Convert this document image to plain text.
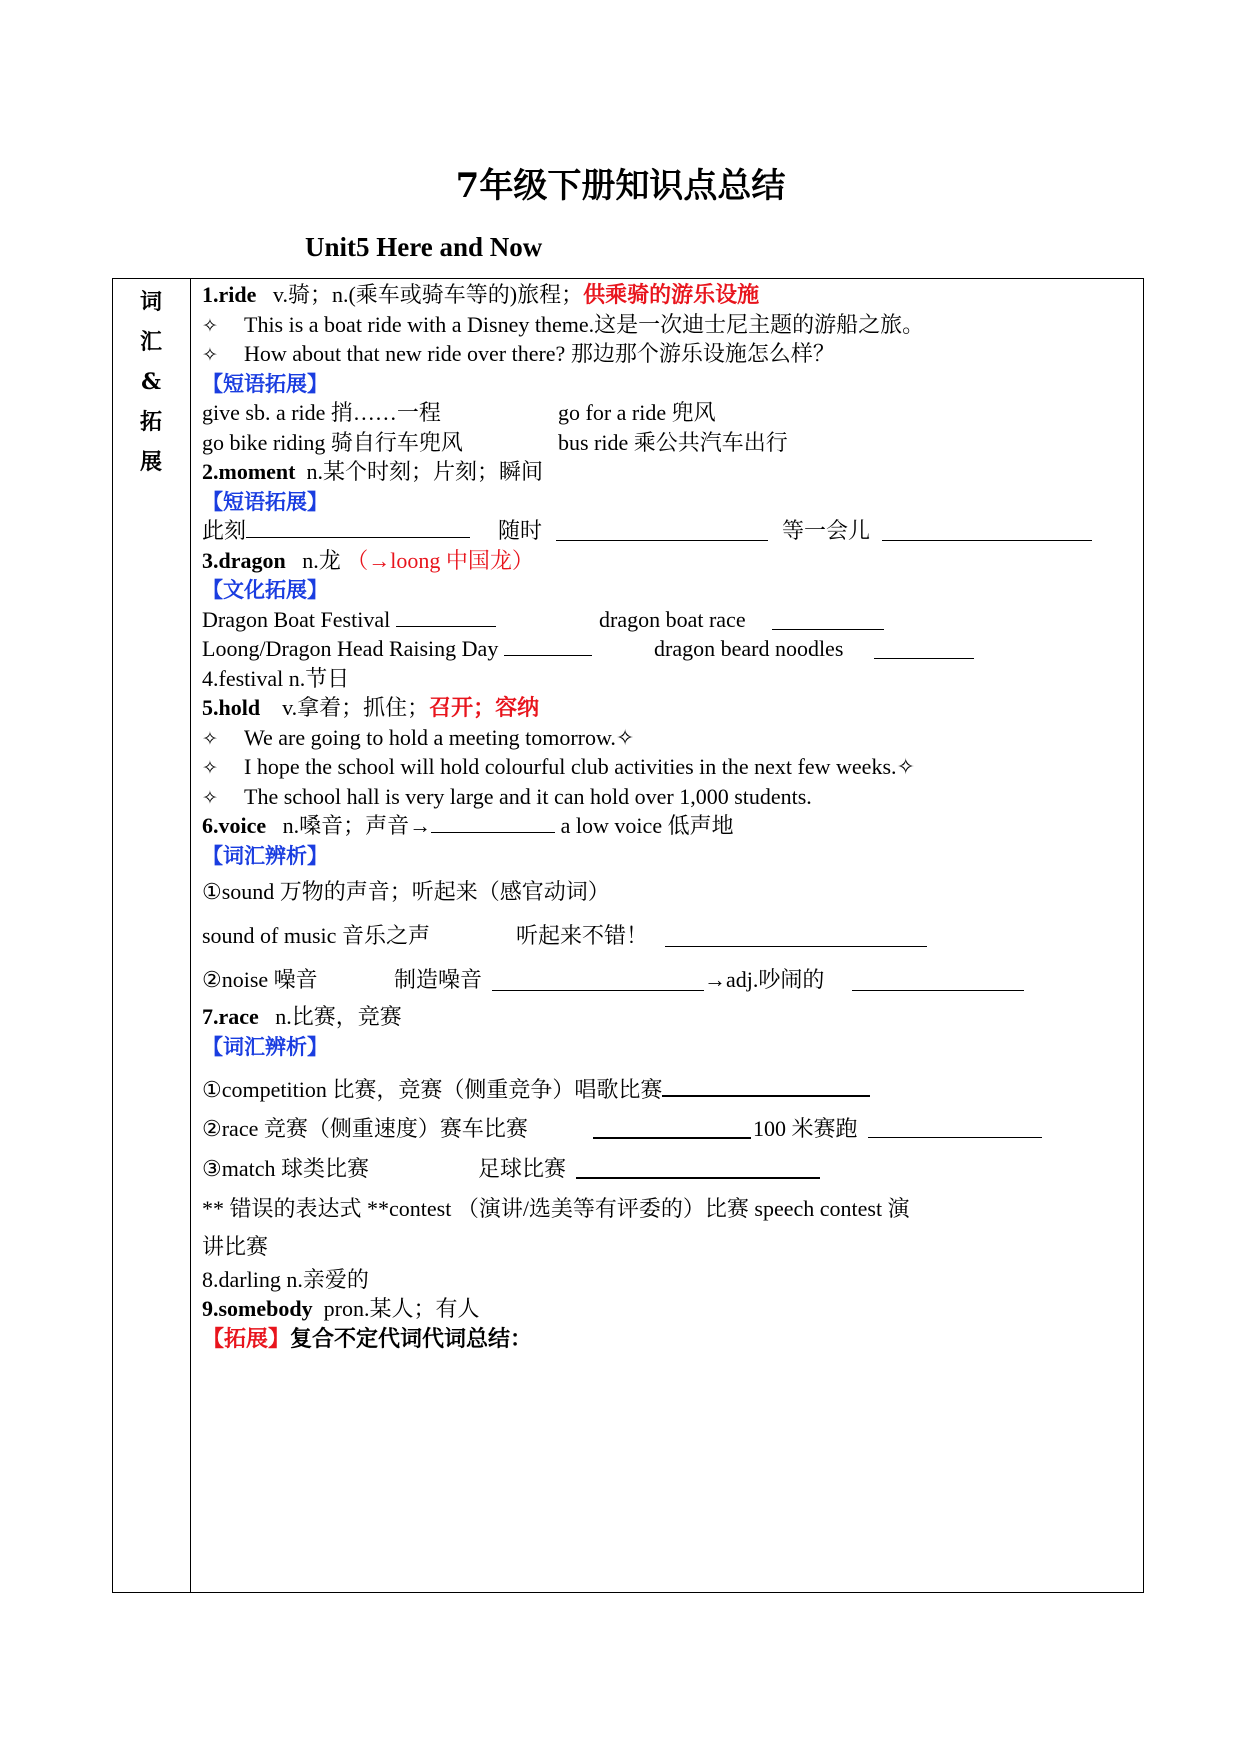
7年级下册知识点总结
Unit5 Here and Now
词
汇
&
拓
展
1.ride v.骑；n.(乘车或骑车等的)旅程；供乘骑的游乐设施
✧ This is a boat ride with a Disney theme.这是一次迪士尼主题的游船之旅。
✧ How about that new ride over there? 那边那个游乐设施怎么样？
【短语拓展】
give sb. a ride 捎……一程	go for a ride 兜风
go bike riding 骑自行车兜风	bus ride 乘公共汽车出行
2.moment n.某个时刻；片刻；瞬间
【短语拓展】
此刻	随时	等一会儿
3.dragon n.龙 （→loong 中国龙）
【文化拓展】
Dragon Boat Festival	dragon boat race
Loong/Dragon Head Raising Day	dragon beard noodles
4.festival n.节日
5.hold v.拿着；抓住；召开；容纳
✧ We are going to hold a meeting tomorrow.✧
✧ I hope the school will hold colourful club activities in the next few weeks.✧
✧ The school hall is very large and it can hold over 1,000 students.
6.voice n.嗓音；声音→	a low voice 低声地
【词汇辨析】
①sound 万物的声音；听起来（感官动词）
sound of music 音乐之声	听起来不错！
②noise 噪音	制造噪音	→adj.吵闹的
7.race n.比赛，竞赛
【词汇辨析】
①competition 比赛，竞赛（侧重竞争）唱歌比赛
②race 竞赛（侧重速度）赛车比赛	100 米赛跑
③match 球类比赛	足球比赛
** 错误的表达式 **contest （演讲/选美等有评委的）比赛 speech contest 演
讲比赛
8.darling n.亲爱的
9.somebody pron.某人；有人
【拓展】复合不定代词代词总结：
